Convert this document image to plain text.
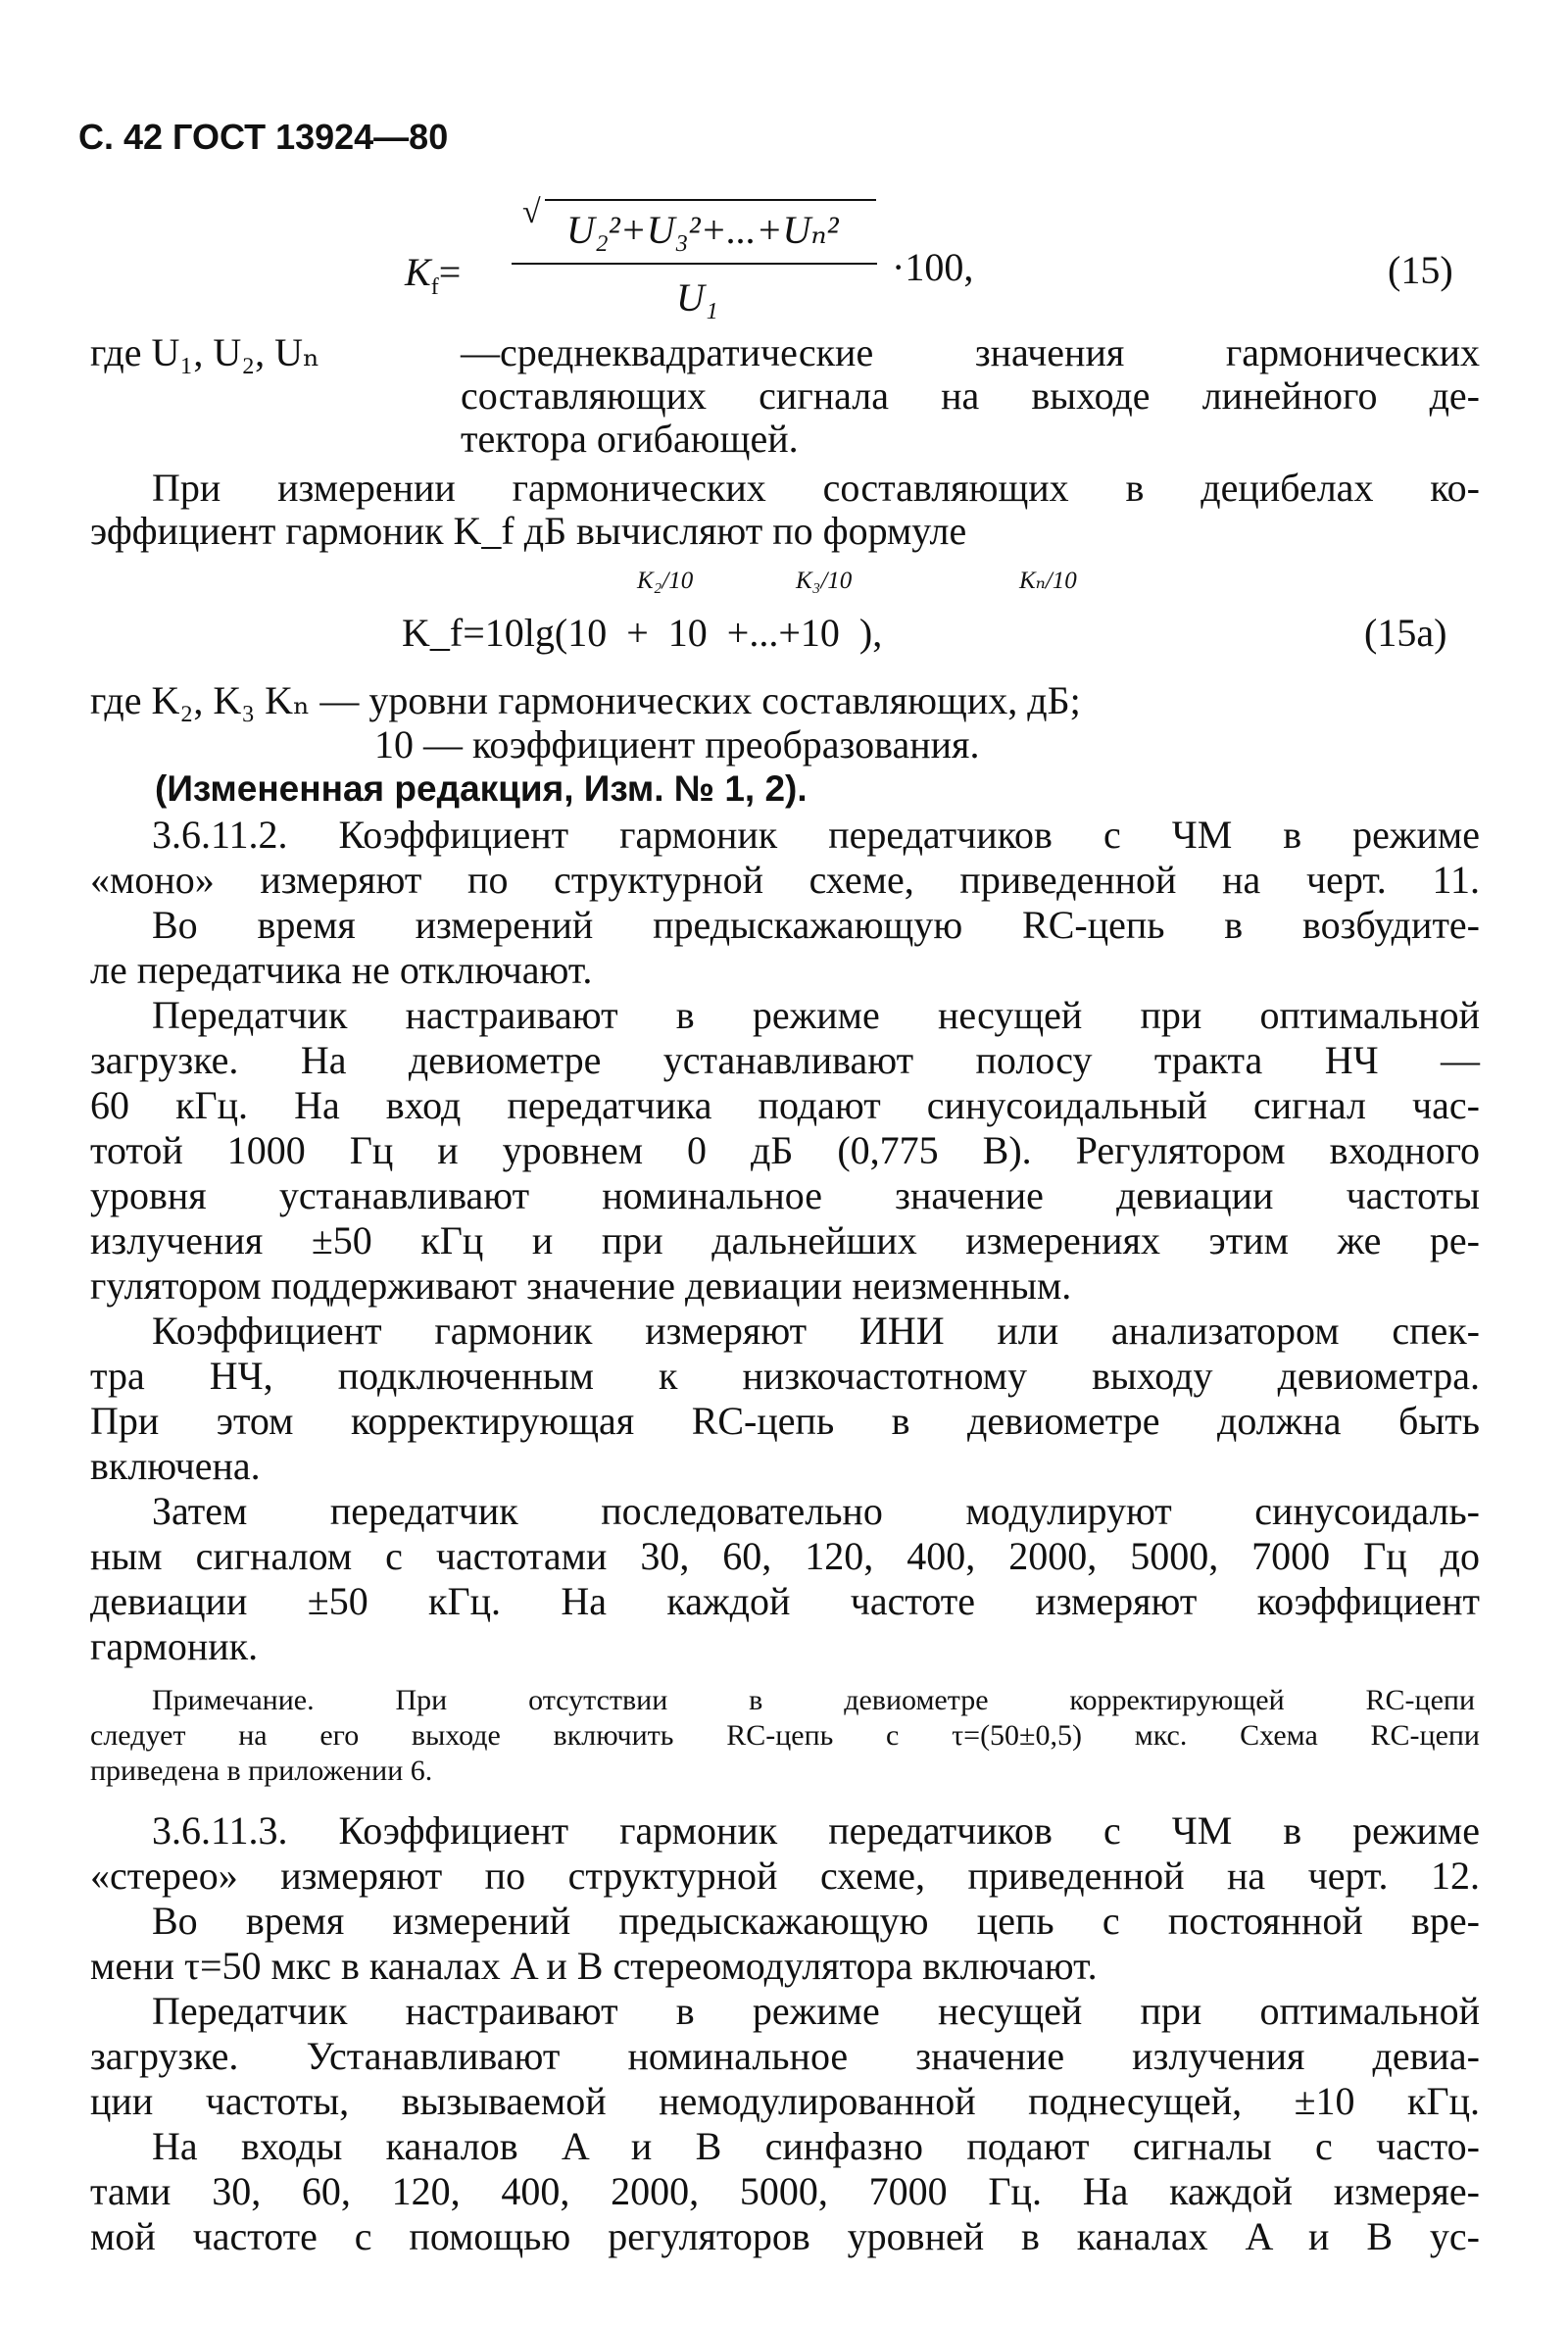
С. 42 ГОСТ 13924—80
$K_f=$
√ U₂²+U₃²+...+Uₙ²
U₁
·100,	(15)
где U₁, U₂, Uₙ	—среднеквадратические значения гармонических
составляющих сигнала на выходе линейного де-
тектора огибающей.
При измерении гармонических составляющих в децибелах ко-
эффициент гармоник K_f дБ вычисляют по формуле
K₂/10	K₃/10	Kₙ/10
K_f=10lg(10 + 10 +...+10 ),	(15а)
где K₂, K₃ Kₙ — уровни гармонических составляющих, дБ;
10 — коэффициент преобразования.
(Измененная редакция, Изм. № 1, 2).
3.6.11.2. Коэффициент гармоник передатчиков с ЧМ в режиме
«моно» измеряют по структурной схеме, приведенной на черт. 11.
Во время измерений предыскажающую RC-цепь в возбудите-
ле передатчика не отключают.
Передатчик настраивают в режиме несущей при оптимальной
загрузке. На девиометре устанавливают полосу тракта НЧ —
60 кГц. На вход передатчика подают синусоидальный сигнал час-
тотой 1000 Гц и уровнем 0 дБ (0,775 В). Регулятором входного
уровня устанавливают номинальное значение девиации частоты
излучения ±50 кГц и при дальнейших измерениях этим же ре-
гулятором поддерживают значение девиации неизменным.
Коэффициент гармоник измеряют ИНИ или анализатором спек-
тра НЧ, подключенным к низкочастотному выходу девиометра.
При этом корректирующая RC-цепь в девиометре должна быть
включена.
Затем передатчик последовательно модулируют синусоидаль-
ным сигналом с частотами 30, 60, 120, 400, 2000, 5000, 7000 Гц до
девиации ±50 кГц. На каждой частоте измеряют коэффициент
гармоник.
Примечание. При отсутствии в девиометре корректирующей RC-цепи
следует на его выходе включить RC-цепь с τ=(50±0,5) мкс. Схема RC-цепи
приведена в приложении 6.
3.6.11.3. Коэффициент гармоник передатчиков с ЧМ в режиме
«стерео» измеряют по структурной схеме, приведенной на черт. 12.
Во время измерений предыскажающую цепь с постоянной вре-
мени τ=50 мкс в каналах A и B стереомодулятора включают.
Передатчик настраивают в режиме несущей при оптимальной
загрузке. Устанавливают номинальное значение излучения девиа-
ции частоты, вызываемой немодулированной поднесущей, ±10 кГц.
На входы каналов A и B синфазно подают сигналы с часто-
тами 30, 60, 120, 400, 2000, 5000, 7000 Гц. На каждой измеряе-
мой частоте с помощью регуляторов уровней в каналах A и B ус-
